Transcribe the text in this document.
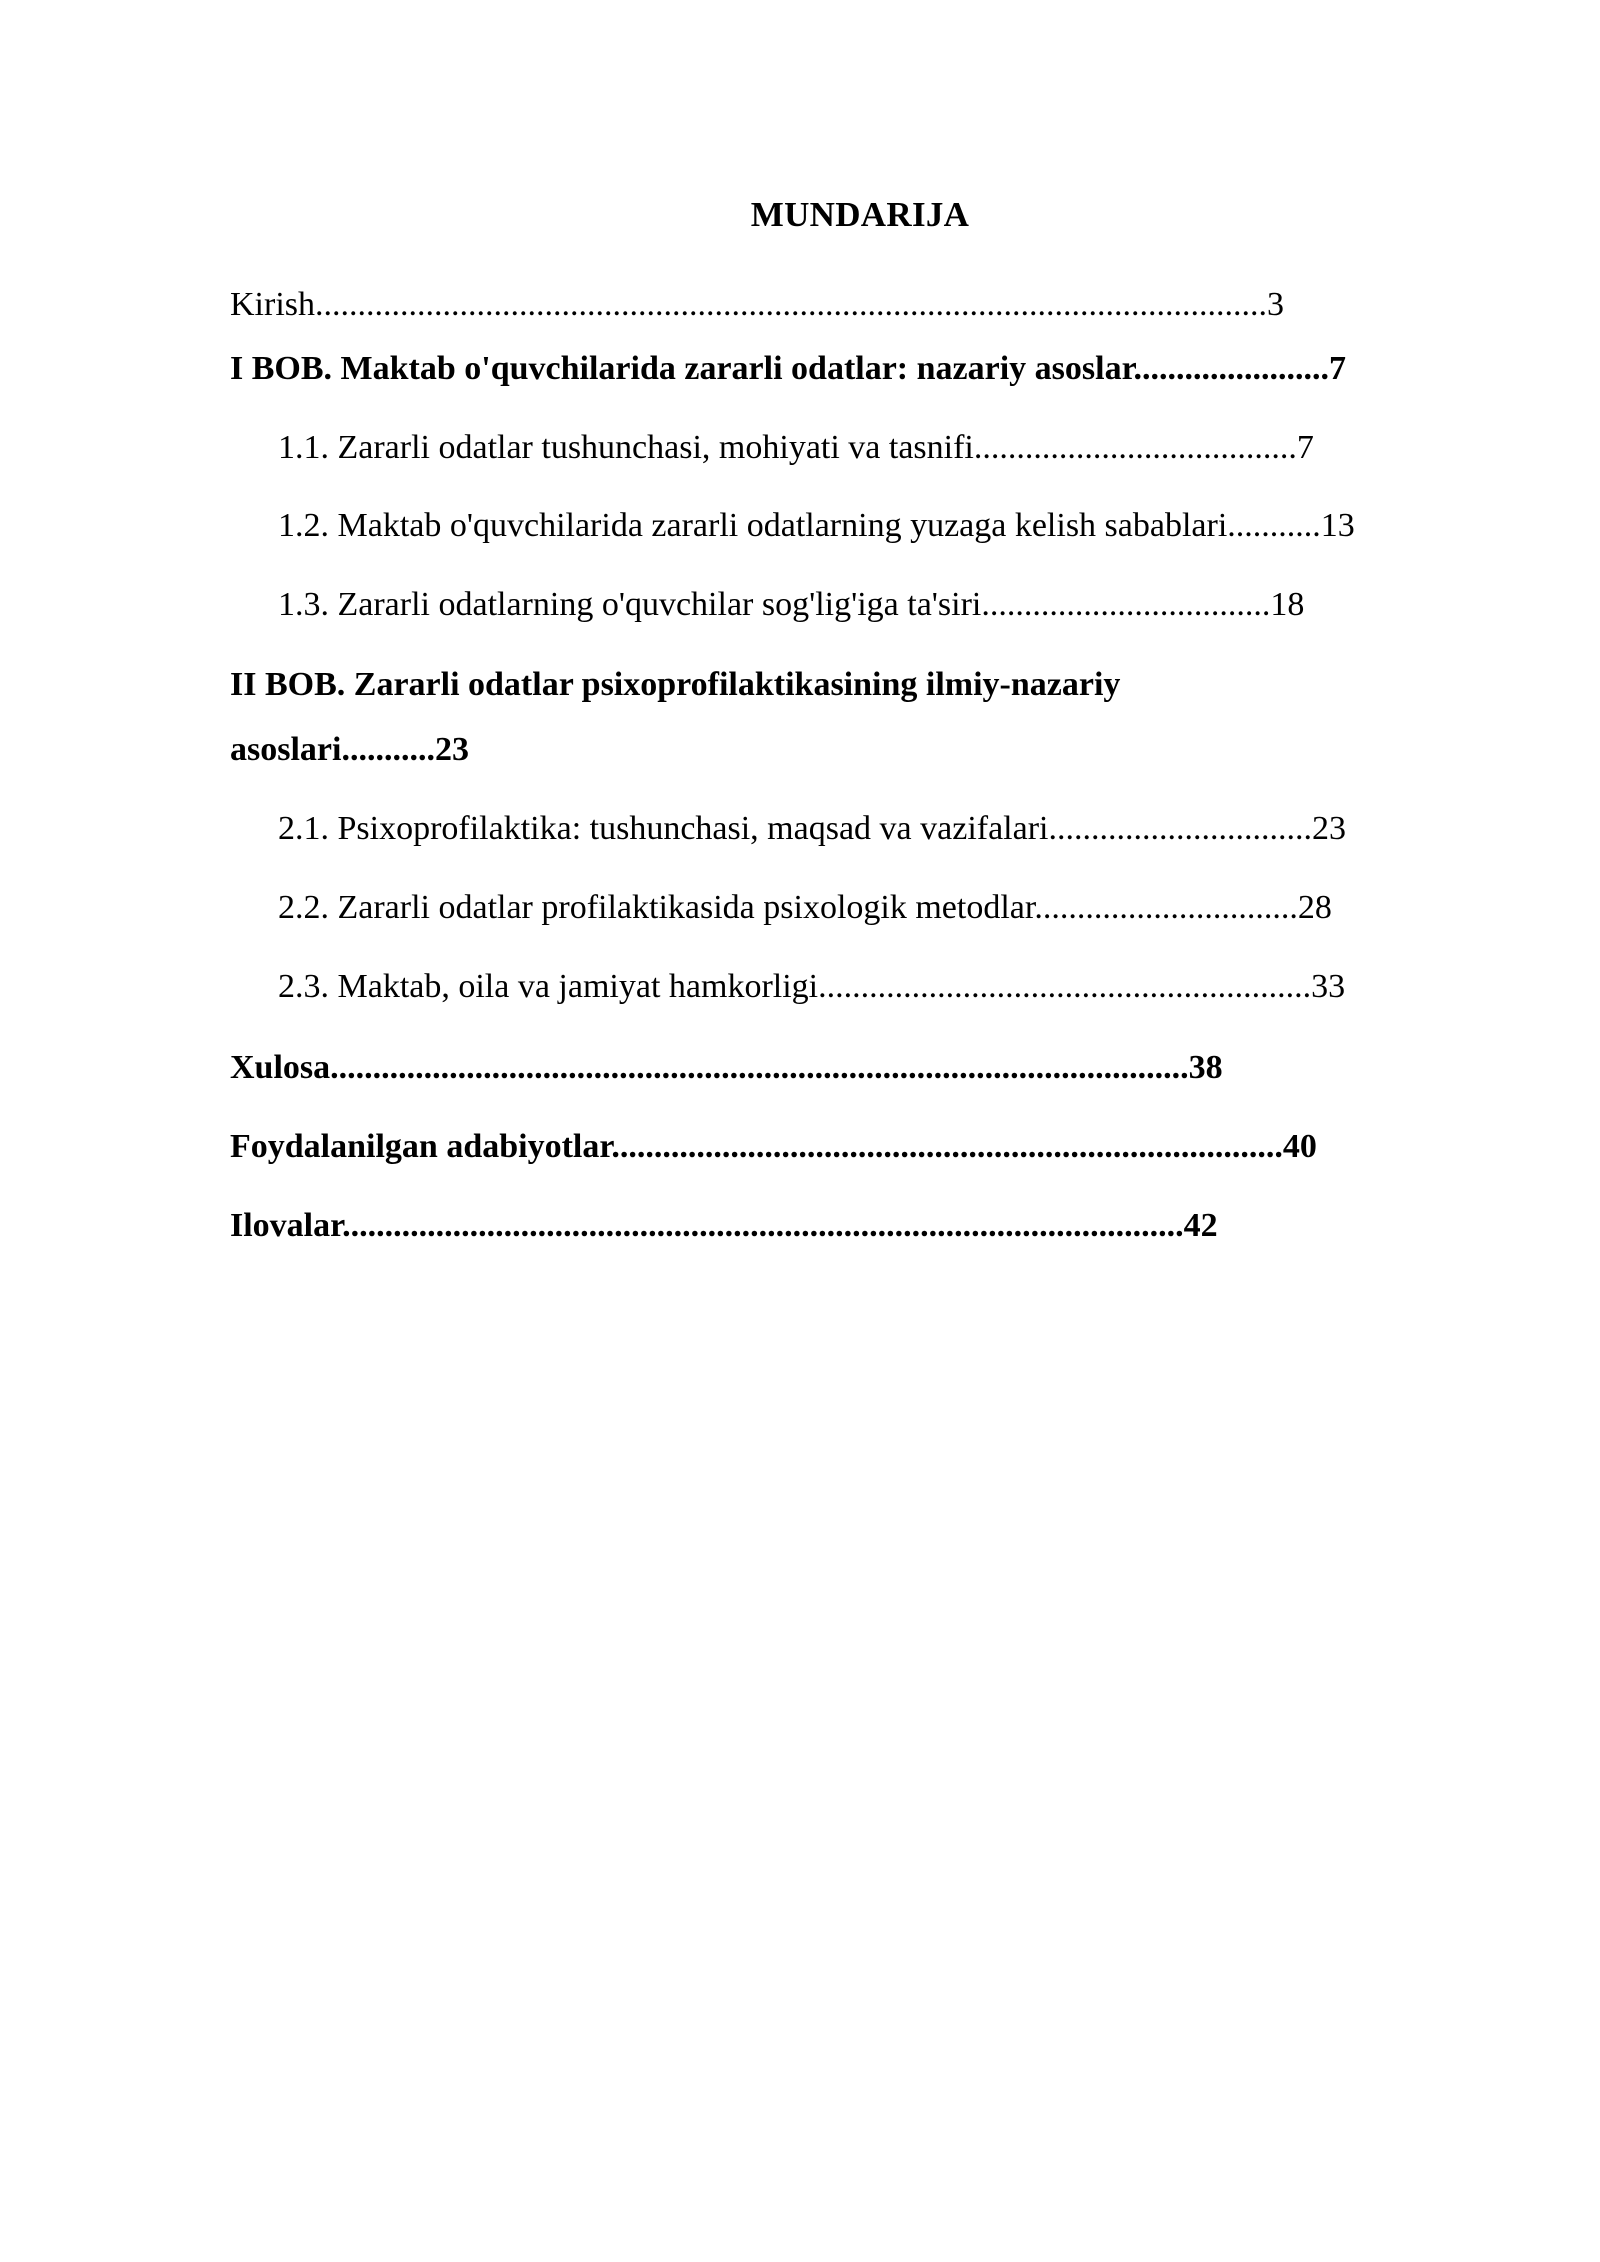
MUNDARIJA
Kirish................................................................................................................3
I BOB. Maktab o'quvchilarida zararli odatlar: nazariy asoslar.......................7
1.1. Zararli odatlar tushunchasi, mohiyati va tasnifi......................................7
1.2. Maktab o'quvchilarida zararli odatlarning yuzaga kelish sabablari...........13
1.3. Zararli odatlarning o'quvchilar sog'lig'iga ta'siri..................................18
II BOB. Zararli odatlar psixoprofilaktikasining ilmiy-nazariy
asoslari...........23
2.1. Psixoprofilaktika: tushunchasi, maqsad va vazifalari...............................23
2.2. Zararli odatlar profilaktikasida psixologik metodlar...............................28
2.3. Maktab, oila va jamiyat hamkorligi..........................................................33
Xulosa.....................................................................................................38
Foydalanilgan adabiyotlar...............................................................................40
Ilovalar...................................................................................................42
